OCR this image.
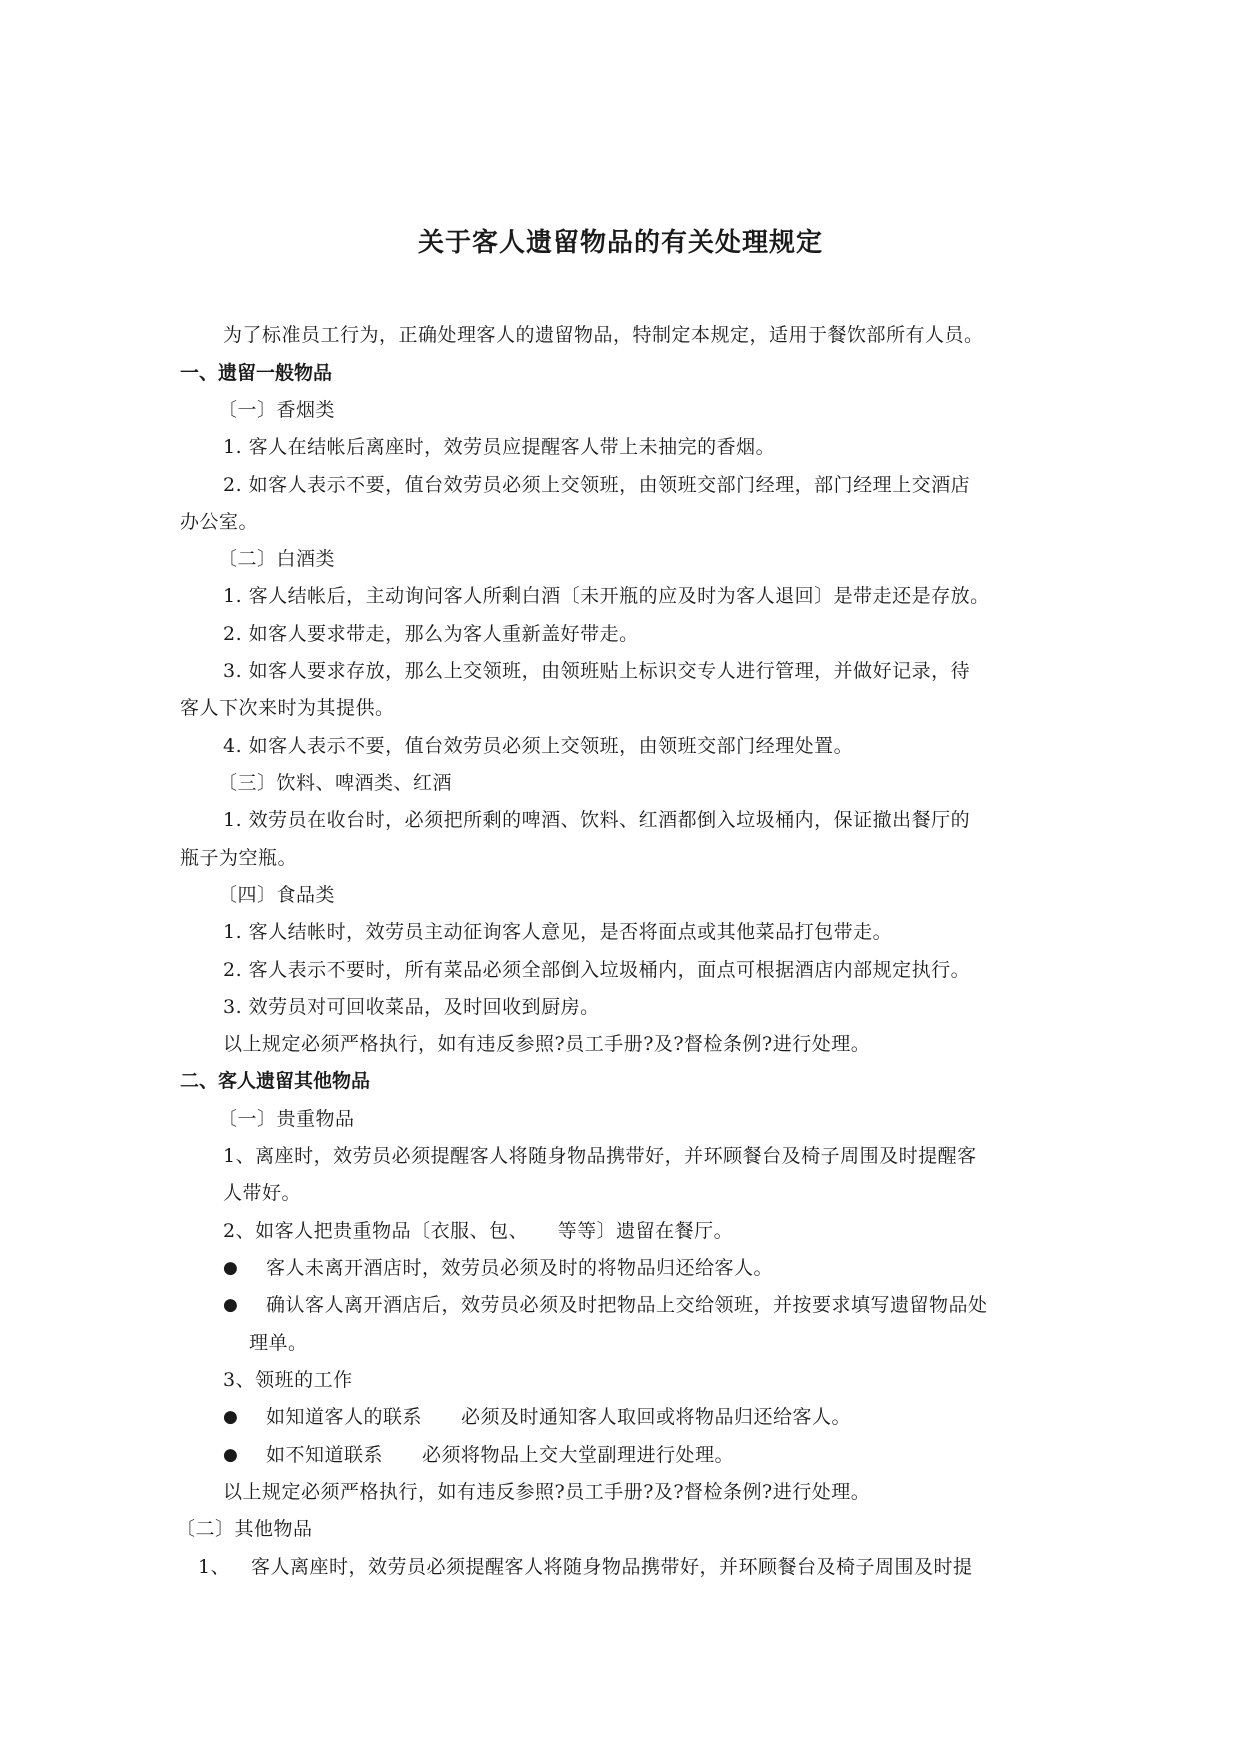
关于客人遗留物品的有关处理规定
为了标准员工行为，正确处理客人的遗留物品，特制定本规定，适用于餐饮部所有人员。
一、遗留一般物品
〔一〕香烟类
1. 客人在结帐后离座时，效劳员应提醒客人带上未抽完的香烟。
2. 如客人表示不要，值台效劳员必须上交领班，由领班交部门经理，部门经理上交酒店
办公室。
〔二〕白酒类
1. 客人结帐后，主动询问客人所剩白酒〔未开瓶的应及时为客人退回〕是带走还是存放。
2. 如客人要求带走，那么为客人重新盖好带走。
3. 如客人要求存放，那么上交领班，由领班贴上标识交专人进行管理，并做好记录，待
客人下次来时为其提供。
4. 如客人表示不要，值台效劳员必须上交领班，由领班交部门经理处置。
〔三〕饮料、啤酒类、红酒
1. 效劳员在收台时，必须把所剩的啤酒、饮料、红酒都倒入垃圾桶内，保证撤出餐厅的
瓶子为空瓶。
〔四〕食品类
1. 客人结帐时，效劳员主动征询客人意见，是否将面点或其他菜品打包带走。
2. 客人表示不要时，所有菜品必须全部倒入垃圾桶内，面点可根据酒店内部规定执行。
3. 效劳员对可回收菜品，及时回收到厨房。
以上规定必须严格执行，如有违反参照?员工手册?及?督检条例?进行处理。
二、客人遗留其他物品
〔一〕贵重物品
1、离座时，效劳员必须提醒客人将随身物品携带好，并环顾餐台及椅子周围及时提醒客
人带好。
2、如客人把贵重物品〔衣服、包、　　等等〕遗留在餐厅。
● 客人未离开酒店时，效劳员必须及时的将物品归还给客人。
● 确认客人离开酒店后，效劳员必须及时把物品上交给领班，并按要求填写遗留物品处
理单。
3、领班的工作
● 如知道客人的联系　　必须及时通知客人取回或将物品归还给客人。
● 如不知道联系　　必须将物品上交大堂副理进行处理。
以上规定必须严格执行，如有违反参照?员工手册?及?督检条例?进行处理。
〔二〕其他物品
1、 客人离座时，效劳员必须提醒客人将随身物品携带好，并环顾餐台及椅子周围及时提
